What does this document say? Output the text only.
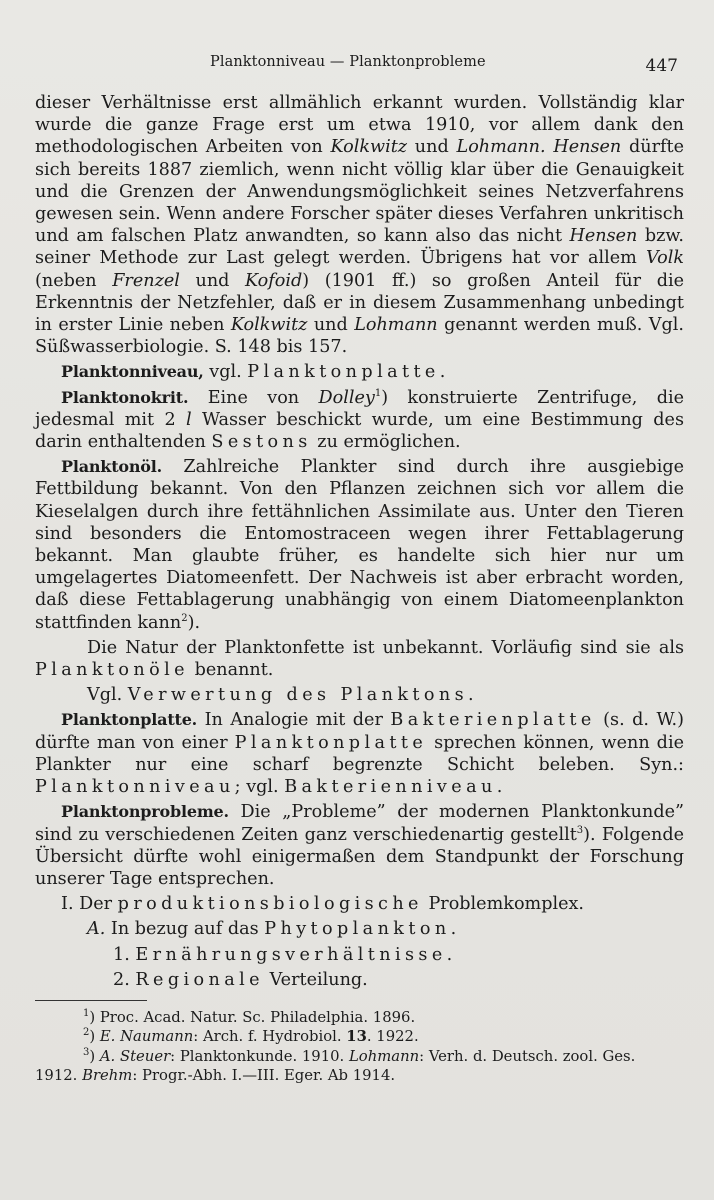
Planktonniveau — Planktonprobleme	447

dieser Verhältnisse erst allmählich erkannt wurden. Vollständig klar wurde die ganze Frage erst um etwa 1910, vor allem dank den methodologischen Arbeiten von Kolkwitz und Lohmann. Hensen dürfte sich bereits 1887 ziemlich, wenn nicht völlig klar über die Genauigkeit und die Grenzen der Anwendungsmöglichkeit seines Netzverfahrens gewesen sein. Wenn andere Forscher später dieses Verfahren unkritisch und am falschen Platz anwandten, so kann also das nicht Hensen bzw. seiner Methode zur Last gelegt werden. Übrigens hat vor allem Volk (neben Frenzel und Kofoid) (1901 ff.) so großen Anteil für die Erkenntnis der Netzfehler, daß er in diesem Zusammenhang unbedingt in erster Linie neben Kolkwitz und Lohmann genannt werden muß. Vgl. Süßwasserbiologie. S. 148 bis 157.

Planktonniveau, vgl. Planktonplatte.

Planktonokrit. Eine von Dolley$^1$) konstruierte Zentrifuge, die jedesmal mit 2 l Wasser beschickt wurde, um eine Bestimmung des darin enthaltenden Sestons zu ermöglichen.

Planktonöl. Zahlreiche Plankter sind durch ihre ausgiebige Fettbildung bekannt. Von den Pflanzen zeichnen sich vor allem die Kieselalgen durch ihre fettähnlichen Assimilate aus. Unter den Tieren sind besonders die Entomostraceen wegen ihrer Fettablagerung bekannt. Man glaubte früher, es handelte sich hier nur um umgelagertes Diatomeenfett. Der Nachweis ist aber erbracht worden, daß diese Fettablagerung unabhängig von einem Diatomeenplankton stattfinden kann$^2$).

Die Natur der Planktonfette ist unbekannt. Vorläufig sind sie als Planktonöle benannt.

Vgl. Verwertung des Planktons.

Planktonplatte. In Analogie mit der Bakterienplatte (s. d. W.) dürfte man von einer Planktonplatte sprechen können, wenn die Plankter nur eine scharf begrenzte Schicht beleben. Syn.: Planktonniveau; vgl. Bakterienniveau.

Planktonprobleme. Die „Probleme” der modernen Planktonkunde” sind zu verschiedenen Zeiten ganz verschiedenartig gestellt$^3$). Folgende Übersicht dürfte wohl einigermaßen dem Standpunkt der Forschung unserer Tage entsprechen.

I. Der produktionsbiologische Problemkomplex.

A. In bezug auf das Phytoplankton.

1. Ernährungsverhältnisse.

2. Regionale Verteilung.

$^1$) Proc. Acad. Natur. Sc. Philadelphia. 1896.

$^2$) E. Naumann: Arch. f. Hydrobiol. 13. 1922.

$^3$) A. Steuer: Planktonkunde. 1910. Lohmann: Verh. d. Deutsch. zool. Ges.

1912. Brehm: Progr.-Abh. I.—III. Eger. Ab 1914.
